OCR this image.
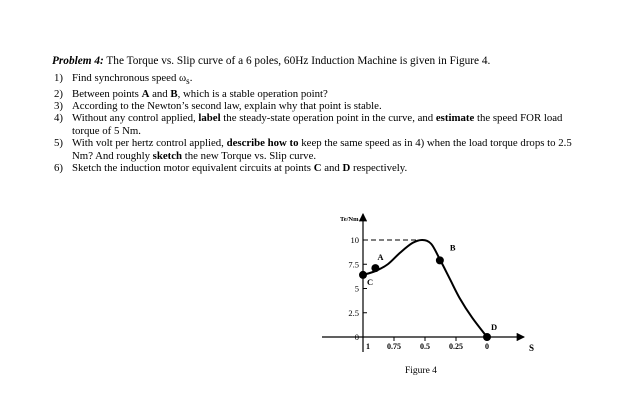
Problem 4: The Torque vs. Slip curve of a 6 poles, 60Hz Induction Machine is given in Figure 4.

1) Find synchronous speed $\omega_s$.
2) Between points A and B, which is a stable operation point?
3) According to the Newton’s second law, explain why that point is stable.
4) Without any control applied, label the steady-state operation point in the curve, and estimate the speed FOR load torque of 5 Nm.
5) With volt per hertz control applied, describe how to keep the same speed as in 4) when the load torque drops to 2.5 Nm? And roughly sketch the new Torque vs. Slip curve.
6) Sketch the induction motor equivalent circuits at points C and D respectively.
0
2.5
5
7.5
10
1 0.75 0.5 0.25	0
A
B
C
D
Te/Nm
S
Figure 4
